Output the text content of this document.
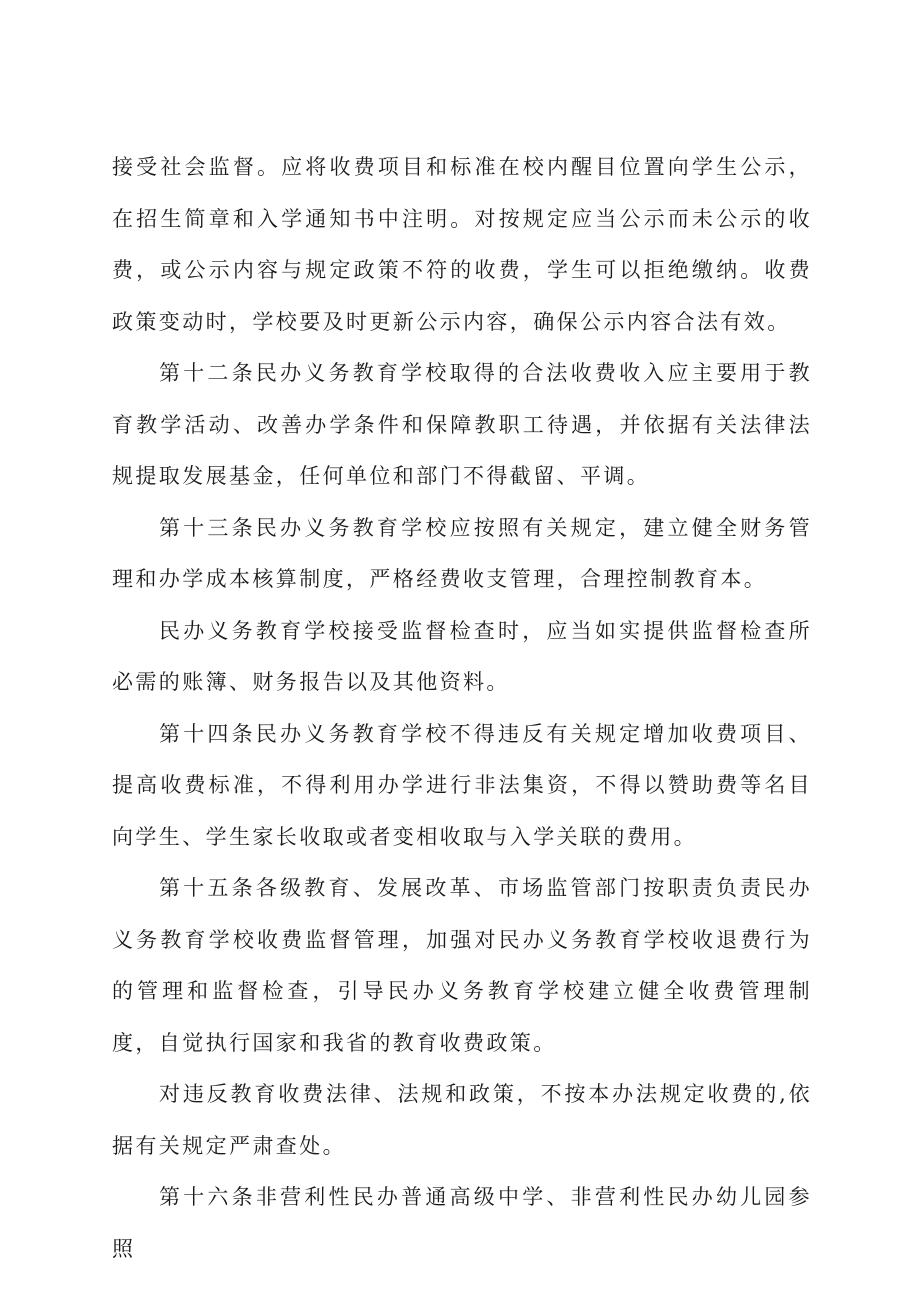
接受社会监督。应将收费项目和标准在校内醒目位置向学生公示，在招生简章和入学通知书中注明。对按规定应当公示而未公示的收费，或公示内容与规定政策不符的收费，学生可以拒绝缴纳。收费政策变动时，学校要及时更新公示内容，确保公示内容合法有效。

第十二条民办义务教育学校取得的合法收费收入应主要用于教育教学活动、改善办学条件和保障教职工待遇，并依据有关法律法规提取发展基金，任何单位和部门不得截留、平调。

第十三条民办义务教育学校应按照有关规定，建立健全财务管理和办学成本核算制度，严格经费收支管理，合理控制教育本。

民办义务教育学校接受监督检查时，应当如实提供监督检查所必需的账簿、财务报告以及其他资料。

第十四条民办义务教育学校不得违反有关规定增加收费项目、提高收费标准，不得利用办学进行非法集资，不得以赞助费等名目向学生、学生家长收取或者变相收取与入学关联的费用。

第十五条各级教育、发展改革、市场监管部门按职责负责民办义务教育学校收费监督管理，加强对民办义务教育学校收退费行为的管理和监督检查，引导民办义务教育学校建立健全收费管理制度，自觉执行国家和我省的教育收费政策。

对违反教育收费法律、法规和政策，不按本办法规定收费的,依据有关规定严肃查处。

第十六条非营利性民办普通高级中学、非营利性民办幼儿园参照
